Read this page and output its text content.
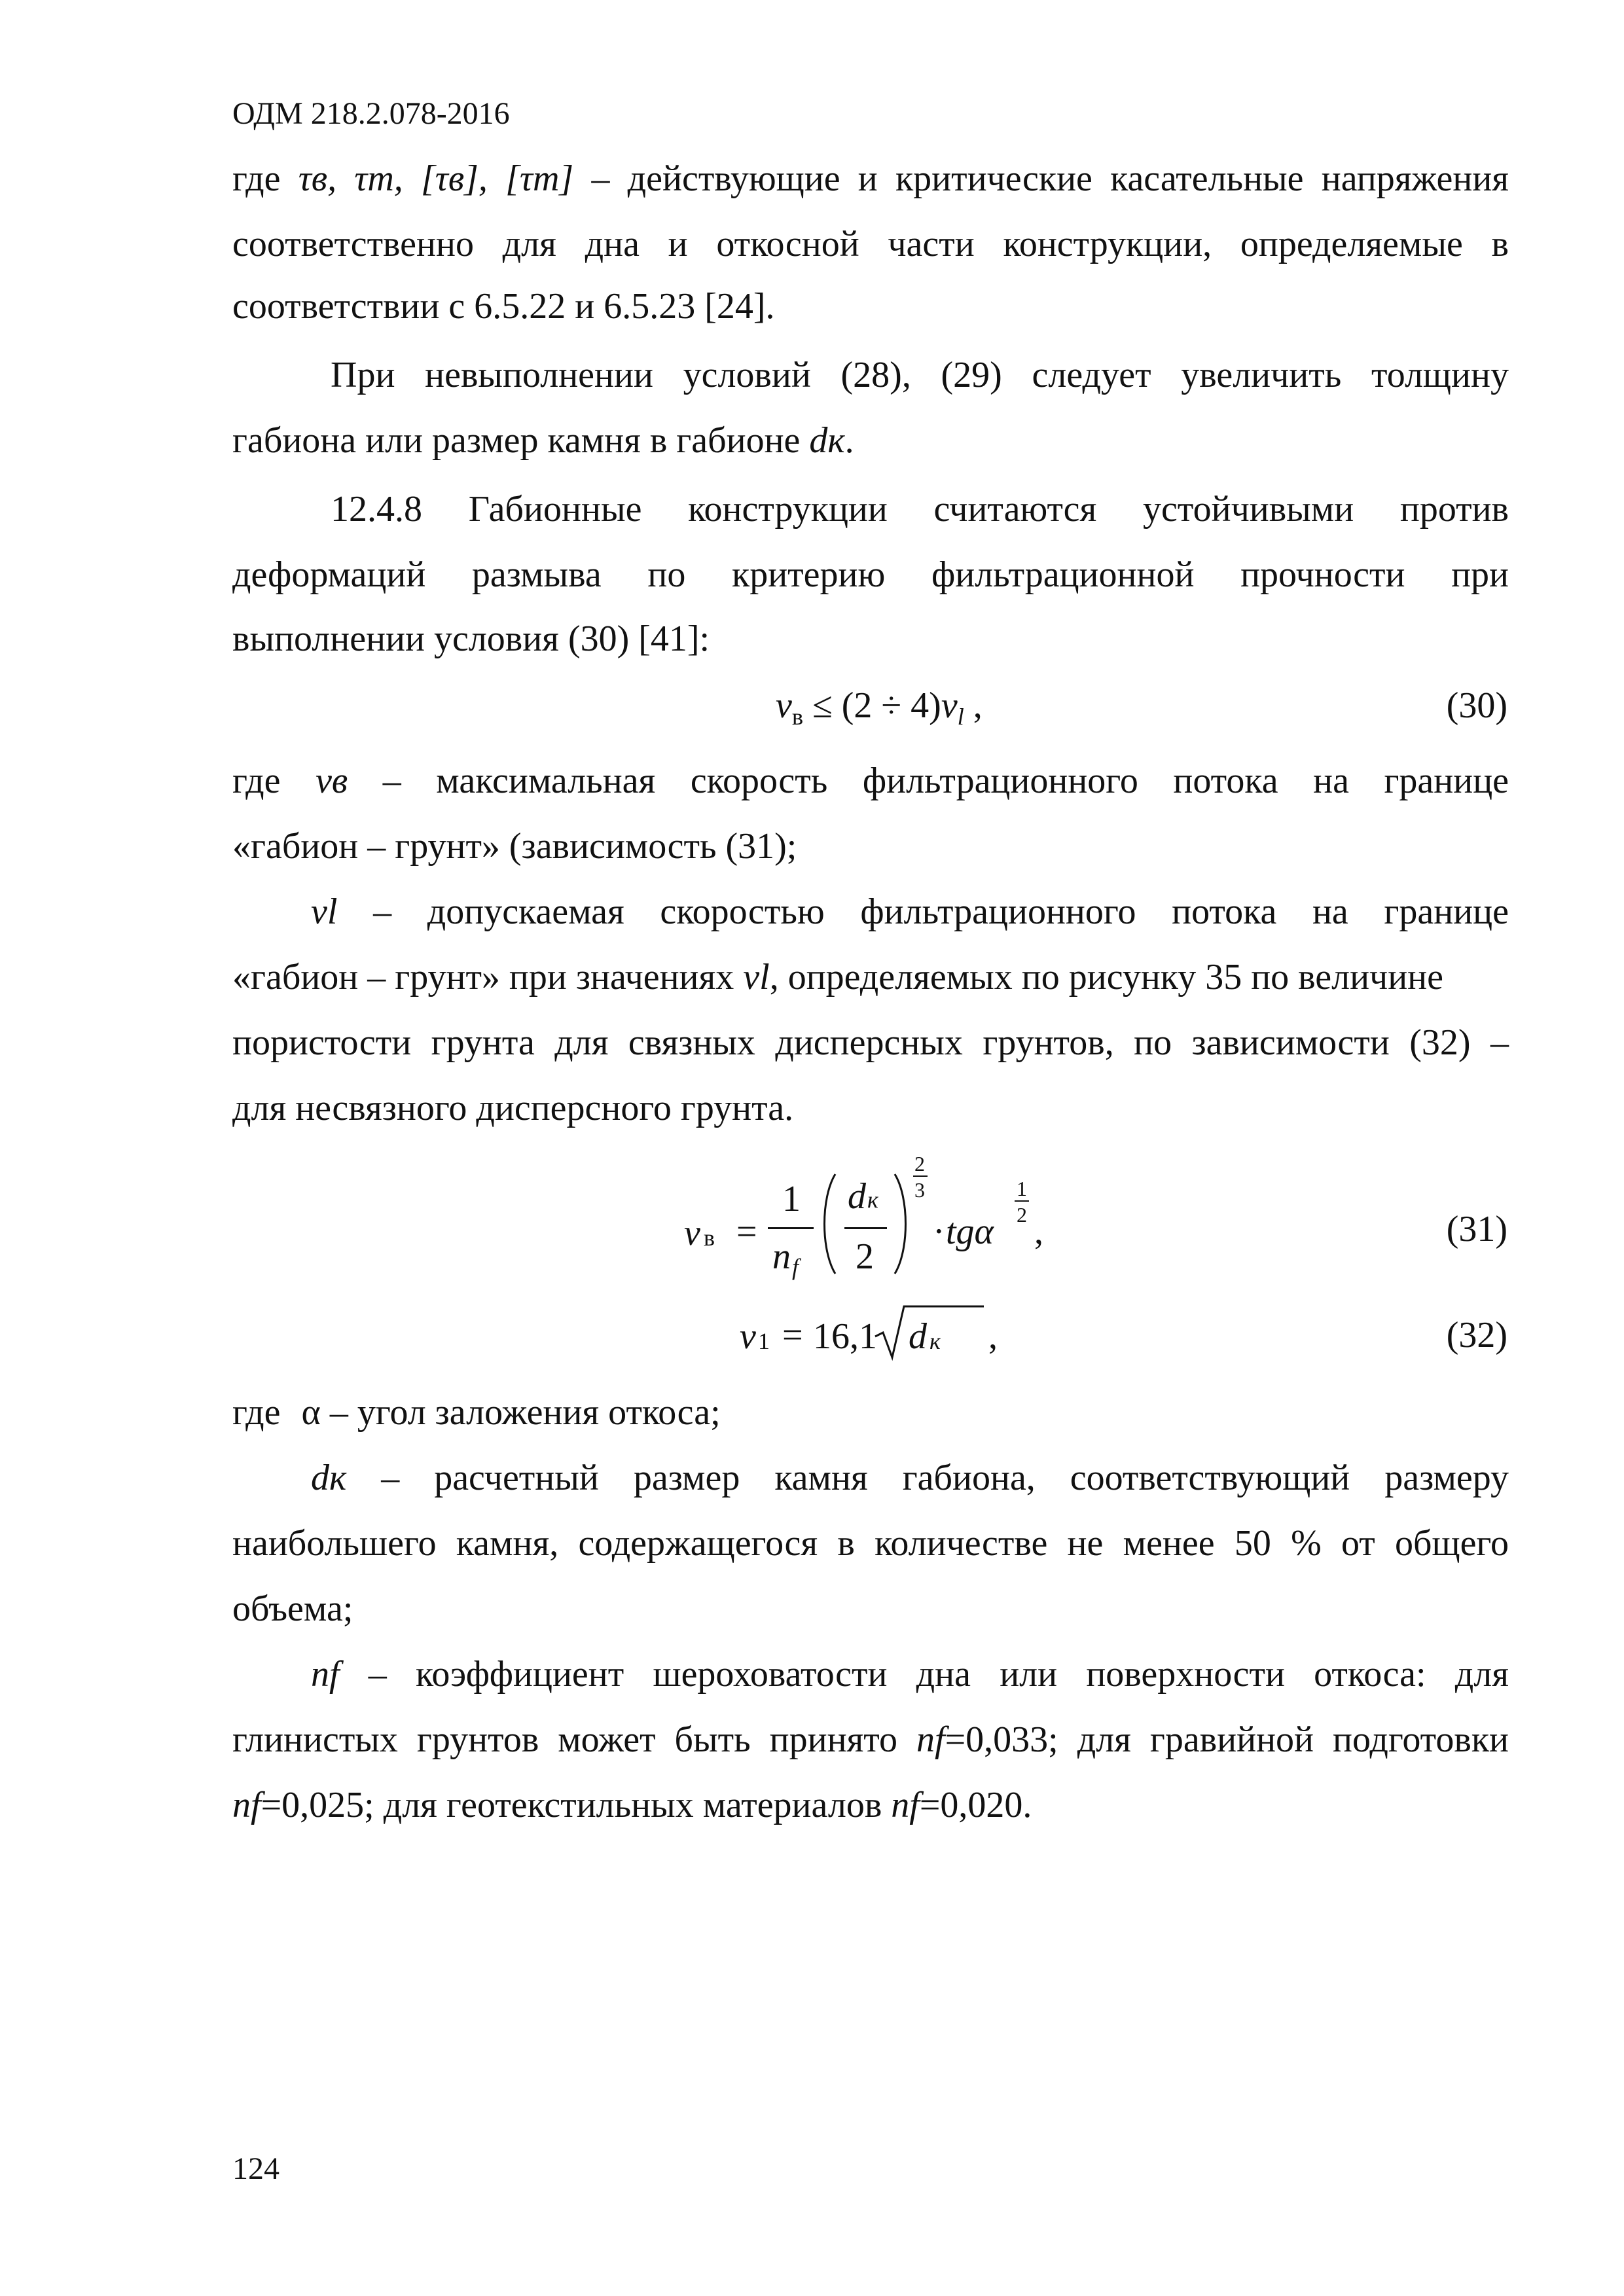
ОДМ 218.2.078-2016
где τв, τm, [τв], [τm] – действующие и критические касательные напряжения
соответственно для дна и откосной части конструкции, определяемые в
соответствии с 6.5.22 и 6.5.23 [24].
При невыполнении условий (28), (29) следует увеличить толщину
габиона или размер камня в габионе dк.
12.4.8 Габионные конструкции считаются устойчивыми против
деформаций размыва по критерию фильтрационной прочности при
выполнении условия (30) [41]:
$v_в \le (2 \div 4)v_l$ ,	(30)
где vв – максимальная скорость фильтрационного потока на границе
«габион – грунт» (зависимость (31);
vl – допускаемая скоростью фильтрационного потока на границе
«габион – грунт» при значениях vl, определяемых по рисунку 35 по величине
пористости грунта для связных дисперсных грунтов, по зависимости (32) –
для несвязного дисперсного грунта.
v в =
1
n f
d к
2
2
3
· tgα
1
2 ,	(31)
v 1 = 16,1 d к ,	(32)
где α – угол заложения откоса;
dк – расчетный размер камня габиона, соответствующий размеру
наибольшего камня, содержащегося в количестве не менее 50 % от общего
объема;
nf – коэффициент шероховатости дна или поверхности откоса: для
глинистых грунтов может быть принято nf=0,033; для гравийной подготовки
nf=0,025; для геотекстильных материалов nf=0,020.
124
